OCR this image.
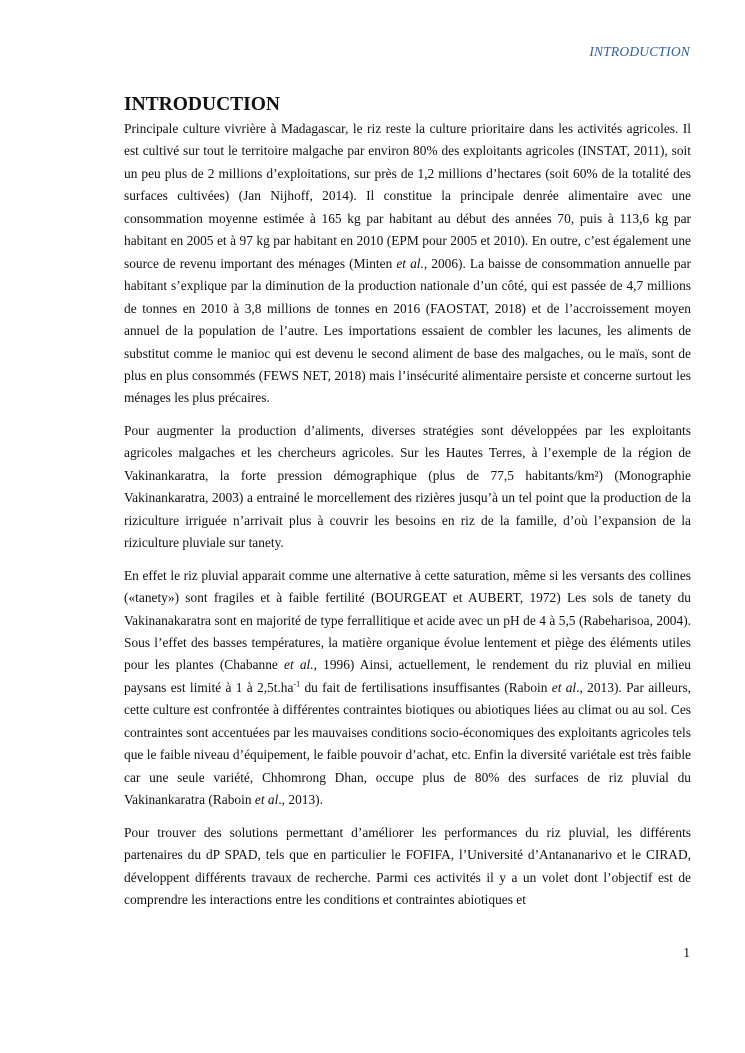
INTRODUCTION
INTRODUCTION

Principale culture vivrière à Madagascar, le riz reste la culture prioritaire dans les activités agricoles. Il est cultivé sur tout le territoire malgache par environ 80% des exploitants agricoles (INSTAT, 2011), soit un peu plus de 2 millions d’exploitations, sur près de 1,2 millions d’hectares (soit 60% de la totalité des surfaces cultivées) (Jan Nijhoff, 2014). Il constitue la principale denrée alimentaire avec une consommation moyenne estimée à 165 kg par habitant au début des années 70, puis à 113,6 kg par habitant en 2005 et à 97 kg par habitant en 2010 (EPM pour 2005 et 2010). En outre, c’est également une source de revenu important des ménages (Minten et al., 2006). La baisse de consommation annuelle par habitant s’explique par la diminution de la production nationale d’un côté, qui est passée de 4,7 millions de tonnes en 2010 à 3,8 millions de tonnes en 2016 (FAOSTAT, 2018) et de l’accroissement moyen annuel de la population de l’autre. Les importations essaient de combler les lacunes, les aliments de substitut comme le manioc qui est devenu le second aliment de base des malgaches, ou le maïs, sont de plus en plus consommés (FEWS NET, 2018) mais l’insécurité alimentaire persiste et concerne surtout les ménages les plus précaires.

Pour augmenter la production d’aliments, diverses stratégies sont développées par les exploitants agricoles malgaches et les chercheurs agricoles. Sur les Hautes Terres, à l’exemple de la région de Vakinankaratra, la forte pression démographique (plus de 77,5 habitants/km²) (Monographie Vakinankaratra, 2003) a entrainé le morcellement des rizières jusqu’à un tel point que la production de la riziculture irriguée n’arrivait plus à couvrir les besoins en riz de la famille, d’où l’expansion de la riziculture pluviale sur tanety.

En effet le riz pluvial apparait comme une alternative à cette saturation, même si les versants des collines («tanety») sont fragiles et à faible fertilité (BOURGEAT et AUBERT, 1972) Les sols de tanety du Vakinanakaratra sont en majorité de type ferrallitique et acide avec un pH de 4 à 5,5 (Rabeharisoa, 2004). Sous l’effet des basses températures, la matière organique évolue lentement et piège des éléments utiles pour les plantes (Chabanne et al., 1996) Ainsi, actuellement, le rendement du riz pluvial en milieu paysans est limité à 1 à $2,5t.ha^{-1}$ du fait de fertilisations insuffisantes (Raboin et al., 2013). Par ailleurs, cette culture est confrontée à différentes contraintes biotiques ou abiotiques liées au climat ou au sol. Ces contraintes sont accentuées par les mauvaises conditions socio-économiques des exploitants agricoles tels que le faible niveau d’équipement, le faible pouvoir d’achat, etc. Enfin la diversité variétale est très faible car une seule variété, Chhomrong Dhan, occupe plus de 80% des surfaces de riz pluvial du Vakinankaratra (Raboin et al., 2013).

Pour trouver des solutions permettant d’améliorer les performances du riz pluvial, les différents partenaires du dP SPAD, tels que en particulier le FOFIFA, l’Université d’Antananarivo et le CIRAD, développent différents travaux de recherche. Parmi ces activités il y a un volet dont l’objectif est de comprendre les interactions entre les conditions et contraintes abiotiques et

1
